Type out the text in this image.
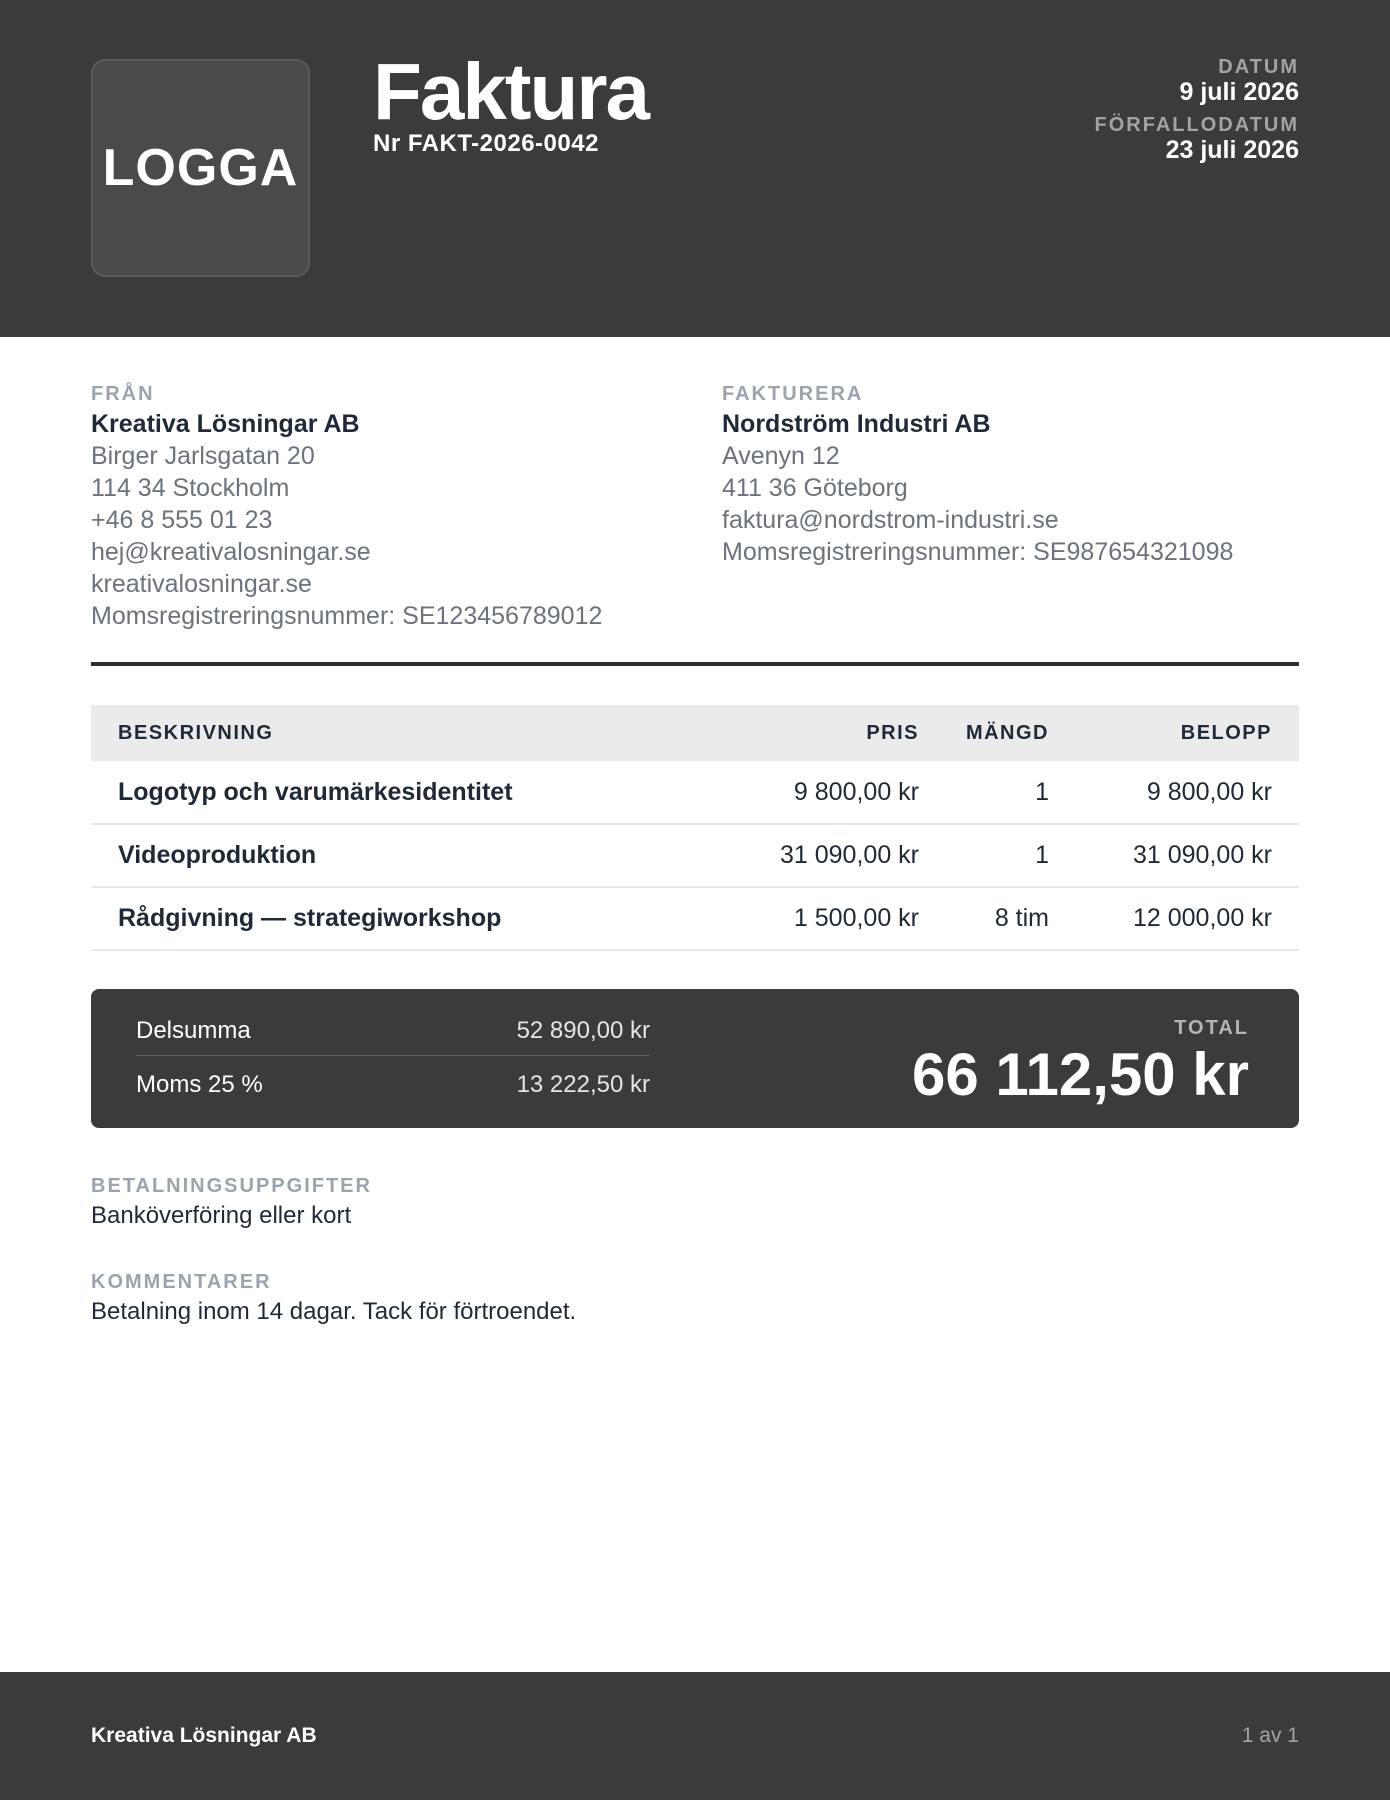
LOGGA
Faktura
Nr FAKT-2026-0042
DATUM
9 juli 2026
FÖRFALLODATUM
23 juli 2026
FRÅN
Kreativa Lösningar AB
Birger Jarlsgatan 20
114 34 Stockholm
+46 8 555 01 23
hej@kreativalosningar.se
kreativalosningar.se
Momsregistreringsnummer: SE123456789012
FAKTURERA
Nordström Industri AB
Avenyn 12
411 36 Göteborg
faktura@nordstrom-industri.se
Momsregistreringsnummer: SE987654321098
BESKRIVNING	PRIS	MÄNGD	BELOPP
Logotyp och varumärkesidentitet	9 800,00 kr	1	9 800,00 kr
Videoproduktion	31 090,00 kr	1	31 090,00 kr
Rådgivning — strategiworkshop	1 500,00 kr	8 tim	12 000,00 kr
Delsumma	52 890,00 kr
Moms 25 %	13 222,50 kr
TOTAL
66 112,50 kr
BETALNINGSUPPGIFTER
Banköverföring eller kort
KOMMENTARER
Betalning inom 14 dagar. Tack för förtroendet.
Kreativa Lösningar AB	1 av 1
